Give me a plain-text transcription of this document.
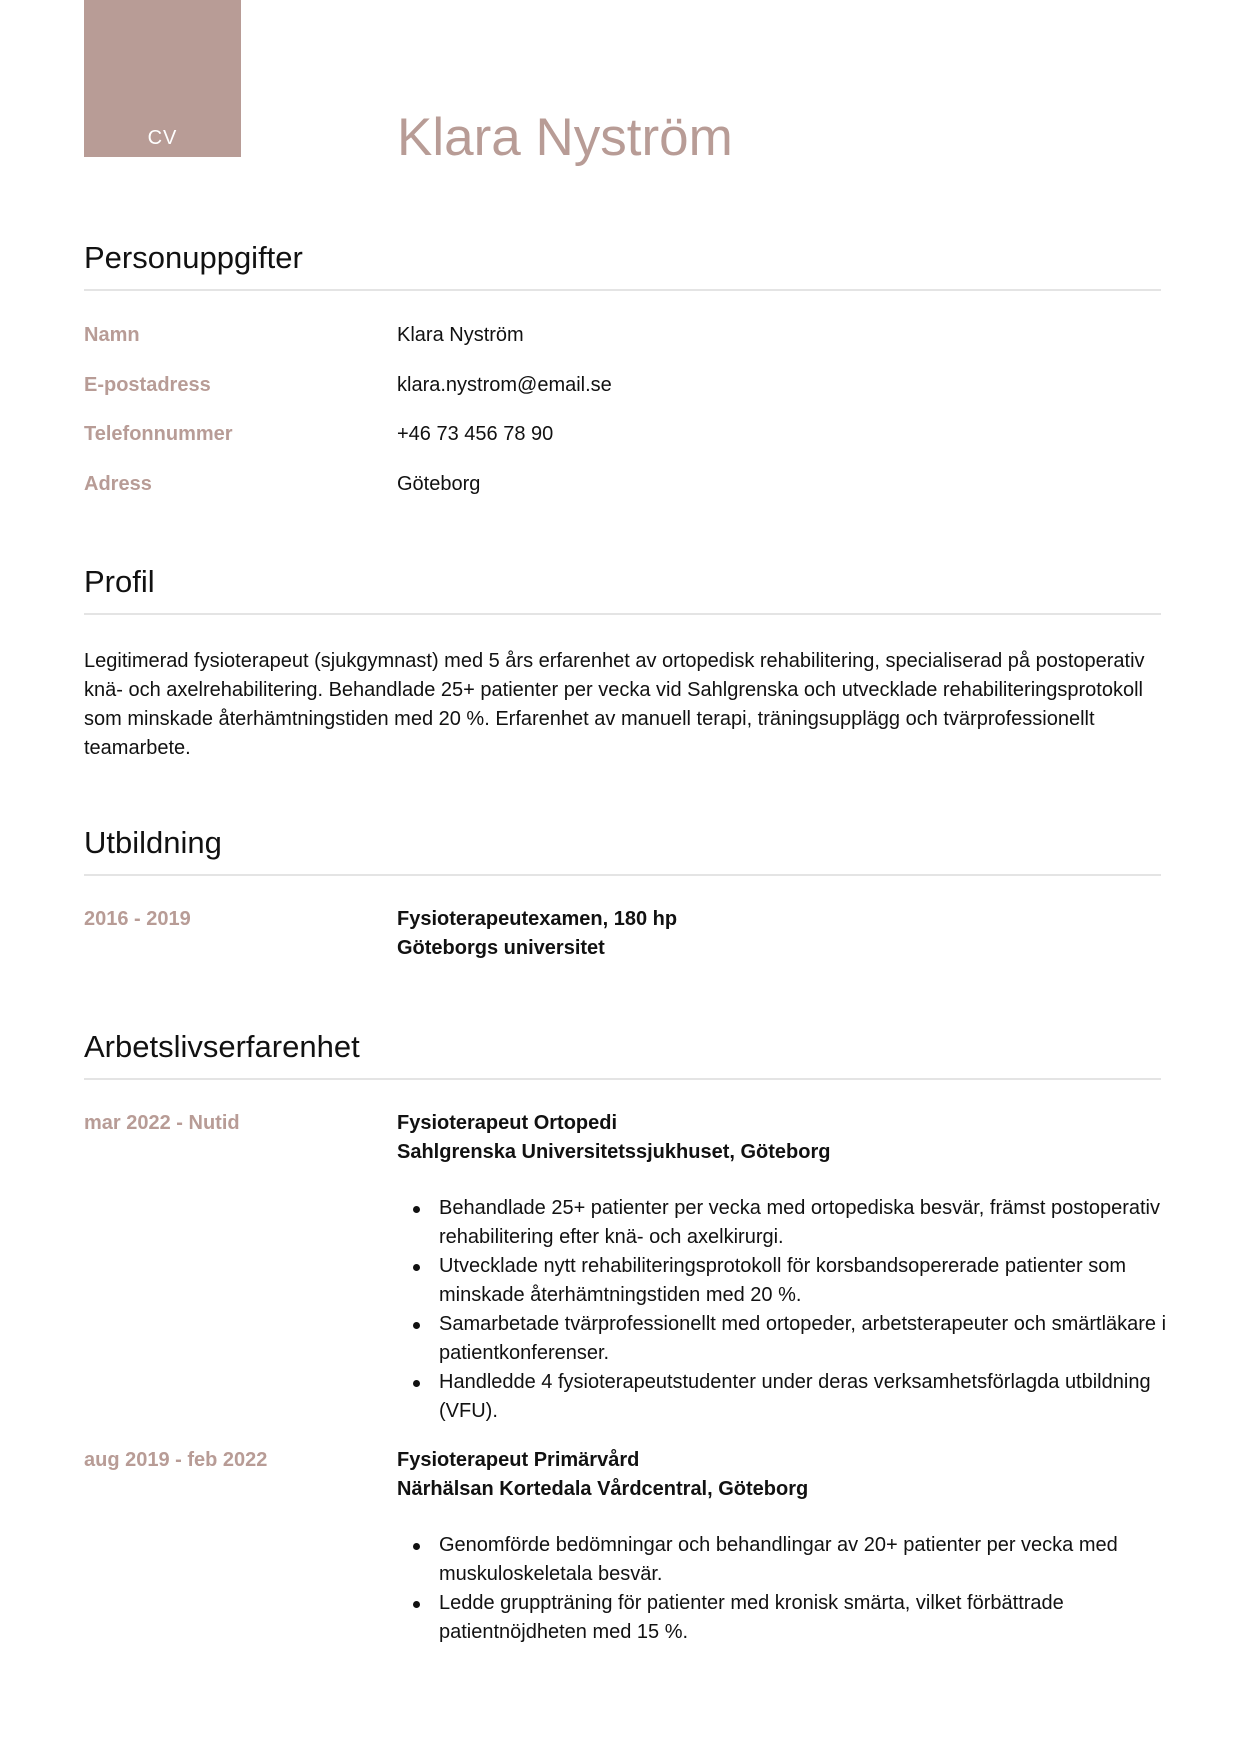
CV	Klara Nyström
Personuppgifter
Namn	Klara Nyström
E-postadress	klara.nystrom@email.se
Telefonnummer	+46 73 456 78 90
Adress	Göteborg
Profil
Legitimerad fysioterapeut (sjukgymnast) med 5 års erfarenhet av ortopedisk rehabilitering, specialiserad på postoperativ knä- och axelrehabilitering. Behandlade 25+ patienter per vecka vid Sahlgrenska och utvecklade rehabiliteringsprotokoll som minskade återhämtningstiden med 20 %. Erfarenhet av manuell terapi, träningsupplägg och tvärprofessionellt teamarbete.
Utbildning
2016 - 2019	Fysioterapeutexamen, 180 hp
Göteborgs universitet
Arbetslivserfarenhet
mar 2022 - Nutid	Fysioterapeut Ortopedi
Sahlgrenska Universitetssjukhuset, Göteborg
Behandlade 25+ patienter per vecka med ortopediska besvär, främst postoperativ rehabilitering efter knä- och axelkirurgi.
Utvecklade nytt rehabiliteringsprotokoll för korsbandsopererade patienter som minskade återhämtningstiden med 20 %.
Samarbetade tvärprofessionellt med ortopeder, arbetsterapeuter och smärtläkare i patientkonferenser.
Handledde 4 fysioterapeutstudenter under deras verksamhetsförlagda utbildning (VFU).
aug 2019 - feb 2022	Fysioterapeut Primärvård
Närhälsan Kortedala Vårdcentral, Göteborg
Genomförde bedömningar och behandlingar av 20+ patienter per vecka med muskuloskeletala besvär.
Ledde gruppträning för patienter med kronisk smärta, vilket förbättrade patientnöjdheten med 15 %.
